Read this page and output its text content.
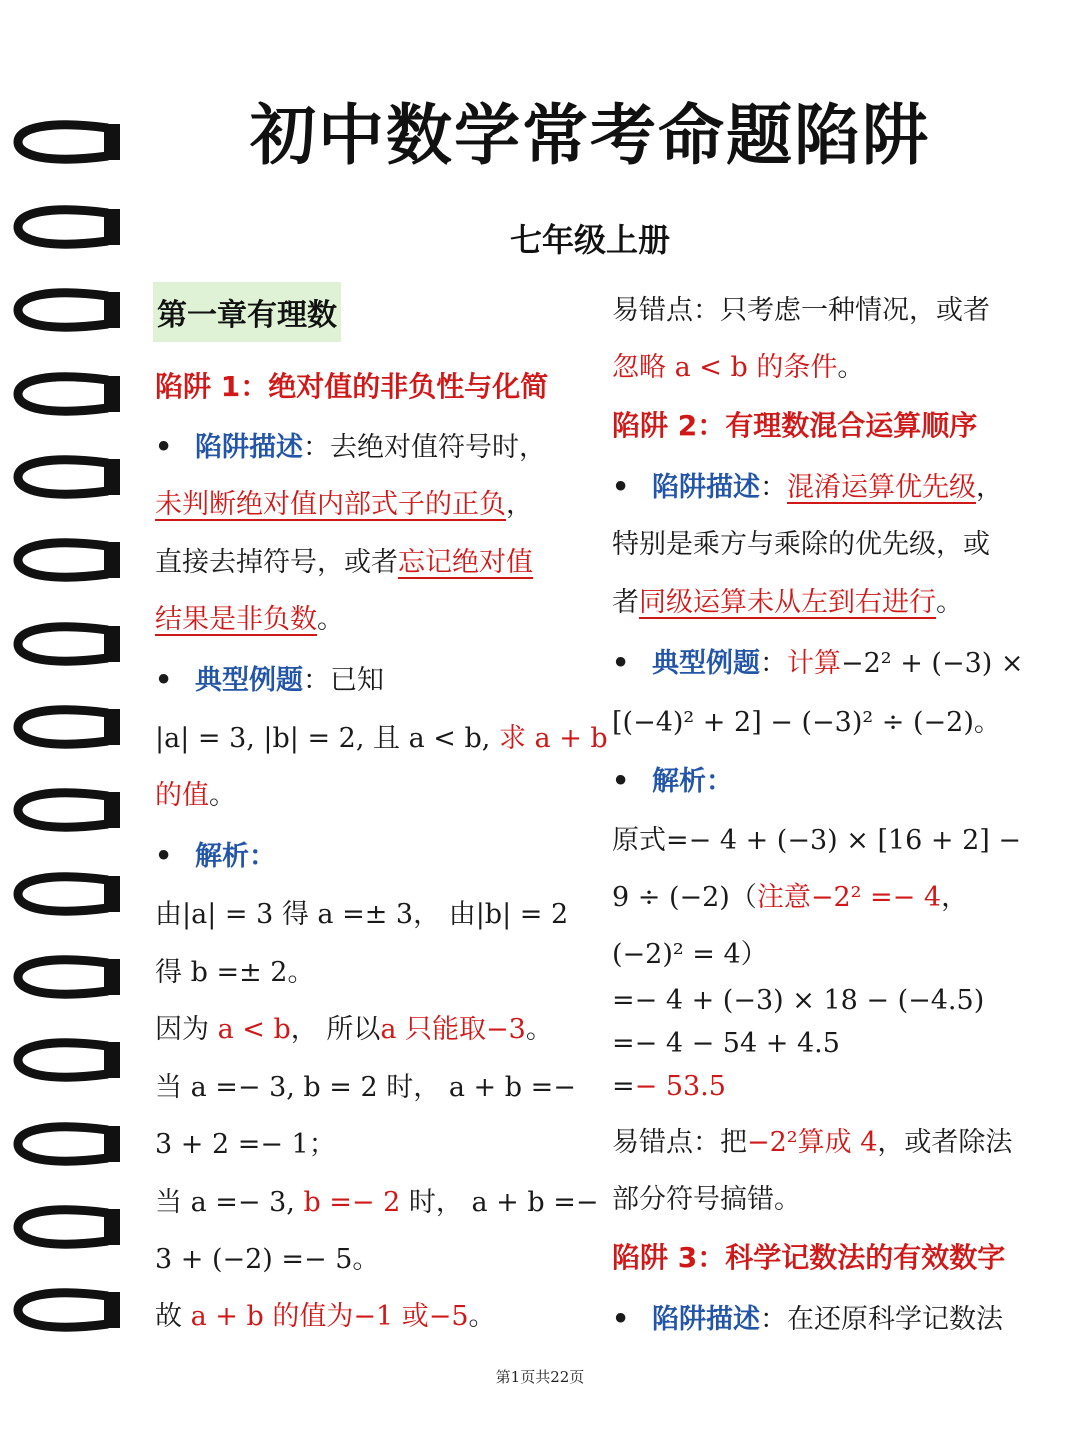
初中数学常考命题陷阱
七年级上册
第一章有理数
陷阱 1：绝对值的非负性与化简
• 陷阱描述：去绝对值符号时，
未判断绝对值内部式子的正负，
直接去掉符号，或者忘记绝对值
结果是非负数。
• 典型例题：已知
|a| = 3, |b| = 2, 且 a < b, 求 a + b
的值。
• 解析：
由|a| = 3 得 a =± 3， 由|b| = 2
得 b =± 2。
因为 a < b， 所以a 只能取−3。
当 a =− 3, b = 2 时， a + b =−
3 + 2 =− 1；
当 a =− 3, b =− 2 时， a + b =−
3 + (−2) =− 5。
故 a + b 的值为−1 或−5。
易错点：只考虑一种情况，或者
忽略 a < b 的条件。
陷阱 2：有理数混合运算顺序
• 陷阱描述：混淆运算优先级，
特别是乘方与乘除的优先级，或
者同级运算未从左到右进行。
• 典型例题：计算−2² + (−3) ×
[(−4)² + 2] − (−3)² ÷ (−2)。
• 解析：
原式=− 4 + (−3) × [16 + 2] −
9 ÷ (−2)（注意−2² =− 4，
(−2)² = 4）
=− 4 + (−3) × 18 − (−4.5)
=− 4 − 54 + 4.5
=− 53.5
易错点：把−2²算成 4，或者除法
部分符号搞错。
陷阱 3：科学记数法的有效数字
• 陷阱描述：在还原科学记数法
第1页共22页
